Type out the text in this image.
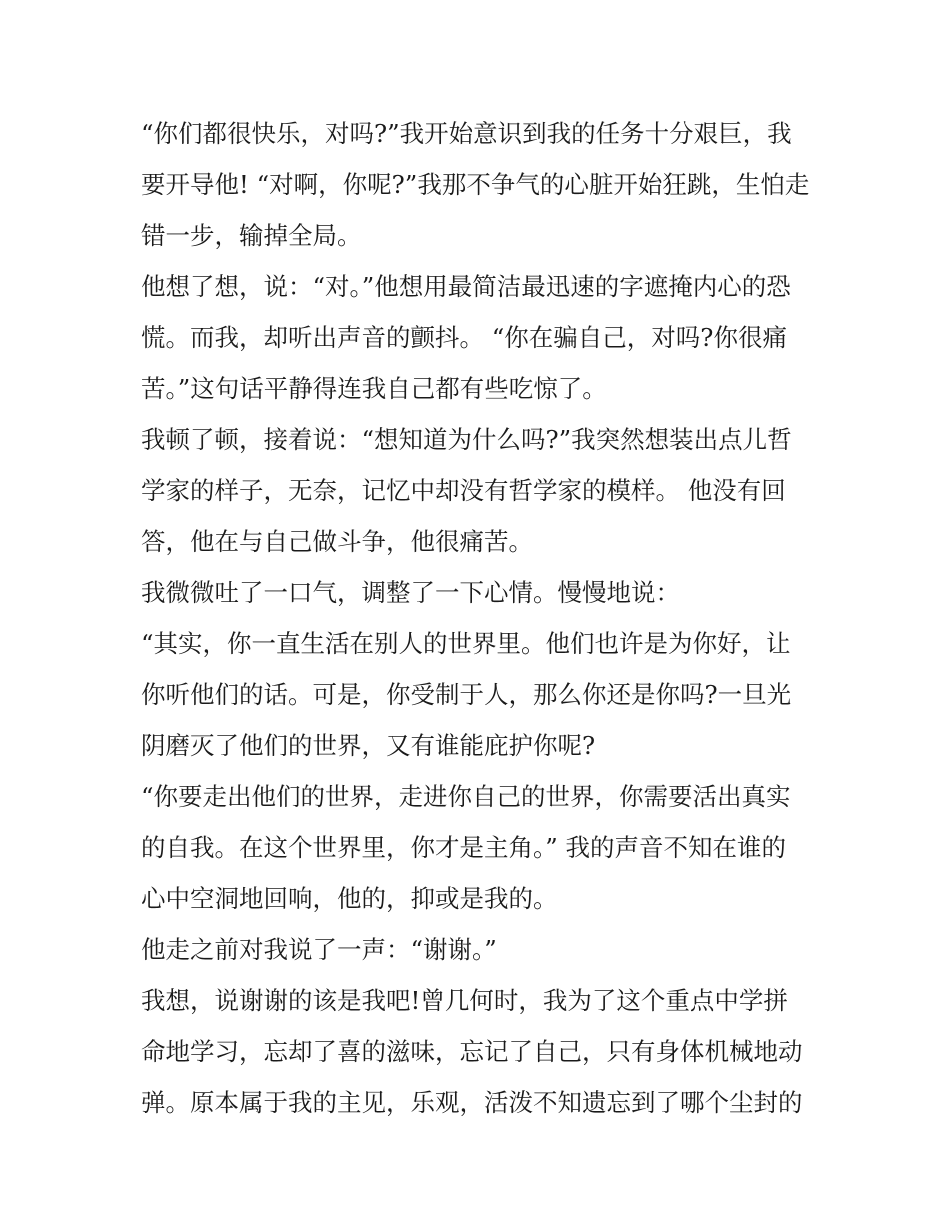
“你们都很快乐，对吗?”我开始意识到我的任务十分艰巨，我
要开导他! “对啊，你呢?”我那不争气的心脏开始狂跳，生怕走
错一步，输掉全局。
他想了想，说：“对。”他想用最简洁最迅速的字遮掩内心的恐
慌。而我，却听出声音的颤抖。 “你在骗自己，对吗?你很痛
苦。”这句话平静得连我自己都有些吃惊了。
我顿了顿，接着说：“想知道为什么吗?”我突然想装出点儿哲
学家的样子，无奈，记忆中却没有哲学家的模样。 他没有回
答，他在与自己做斗争，他很痛苦。
我微微吐了一口气，调整了一下心情。慢慢地说：
“其实，你一直生活在别人的世界里。他们也许是为你好，让
你听他们的话。可是，你受制于人，那么你还是你吗?一旦光
阴磨灭了他们的世界，又有谁能庇护你呢?
“你要走出他们的世界，走进你自己的世界，你需要活出真实
的自我。在这个世界里，你才是主角。” 我的声音不知在谁的
心中空洞地回响，他的，抑或是我的。
他走之前对我说了一声：“谢谢。”
我想，说谢谢的该是我吧!曾几何时，我为了这个重点中学拼
命地学习，忘却了喜的滋味，忘记了自己，只有身体机械地动
弹。原本属于我的主见，乐观，活泼不知遗忘到了哪个尘封的
